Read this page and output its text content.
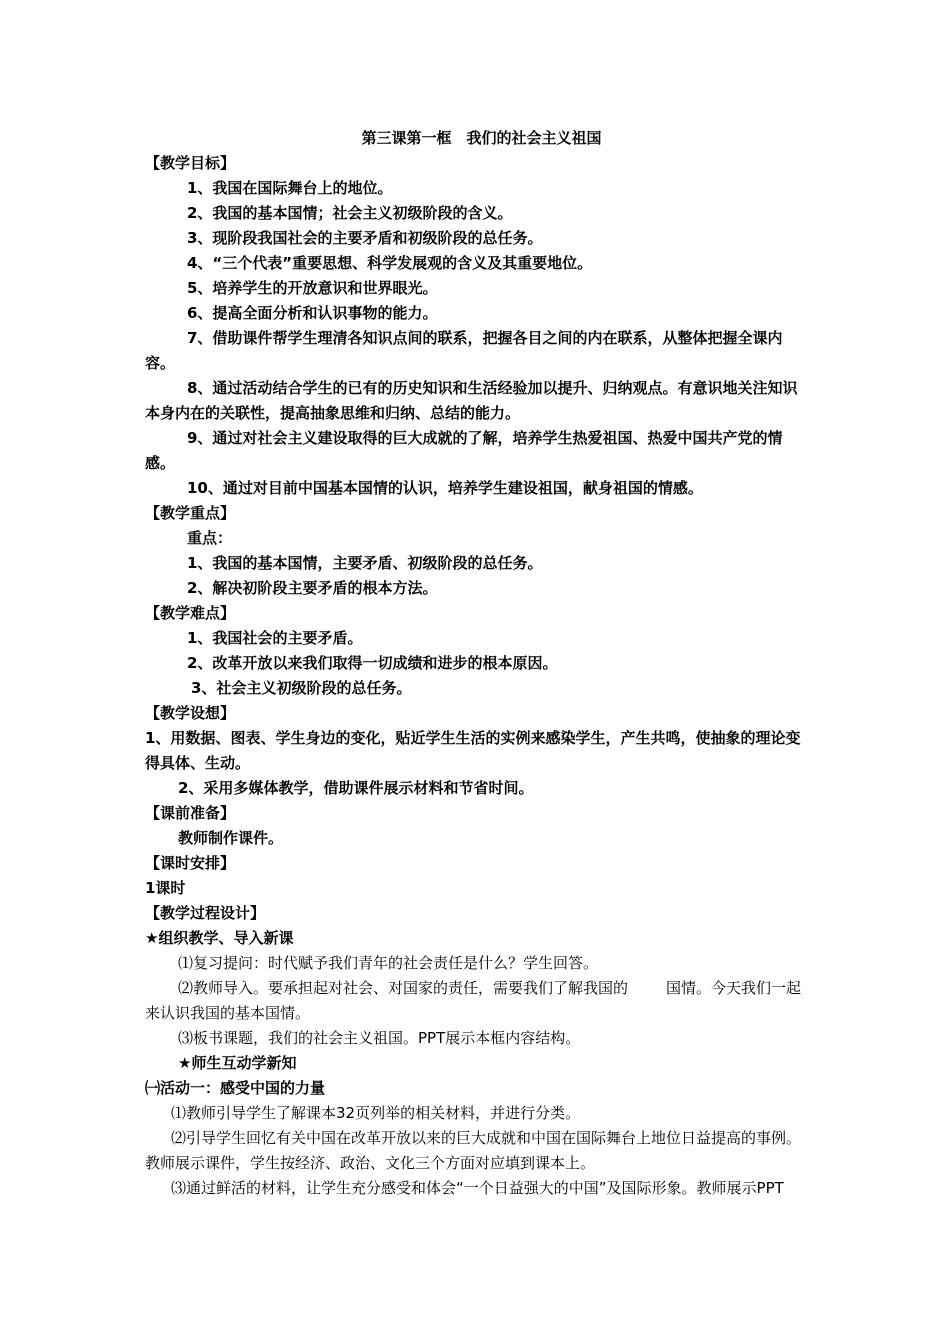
第三课第一框　我们的社会主义祖国

【教学目标】

1、我国在国际舞台上的地位。

2、我国的基本国情；社会主义初级阶段的含义。

3、现阶段我国社会的主要矛盾和初级阶段的总任务。

4、“三个代表”重要思想、科学发展观的含义及其重要地位。

5、培养学生的开放意识和世界眼光。

6、提高全面分析和认识事物的能力。

7、借助课件帮学生理清各知识点间的联系，把握各目之间的内在联系，从整体把握全课内容。

8、通过活动结合学生的已有的历史知识和生活经验加以提升、归纳观点。有意识地关注知识本身内在的关联性，提高抽象思维和归纳、总结的能力。

9、通过对社会主义建设取得的巨大成就的了解，培养学生热爱祖国、热爱中国共产党的情感。

10、通过对目前中国基本国情的认识，培养学生建设祖国，献身祖国的情感。

【教学重点】

重点：

1、我国的基本国情，主要矛盾、初级阶段的总任务。

2、解决初阶段主要矛盾的根本方法。

【教学难点】

1、我国社会的主要矛盾。

2、改革开放以来我们取得一切成绩和进步的根本原因。

3、社会主义初级阶段的总任务。

【教学设想】

1、用数据、图表、学生身边的变化，贴近学生生活的实例来感染学生，产生共鸣，使抽象的理论变得具体、生动。

2、采用多媒体教学，借助课件展示材料和节省时间。

【课前准备】

教师制作课件。

【课时安排】

1课时

【教学过程设计】

★组织教学、导入新课

⑴复习提问：时代赋予我们青年的社会责任是什么？学生回答。

⑵教师导入。要承担起对社会、对国家的责任，需要我们了解我国的	国情。今天我们一起来认识我国的基本国情。

⑶板书课题，我们的社会主义祖国。PPT展示本框内容结构。

★师生互动学新知

㈠活动一：感受中国的力量

⑴教师引导学生了解课本32页列举的相关材料，并进行分类。

⑵引导学生回忆有关中国在改革开放以来的巨大成就和中国在国际舞台上地位日益提高的事例。教师展示课件，学生按经济、政治、文化三个方面对应填到课本上。

⑶通过鲜活的材料，让学生充分感受和体会“一个日益强大的中国”及国际形象。教师展示PPT
